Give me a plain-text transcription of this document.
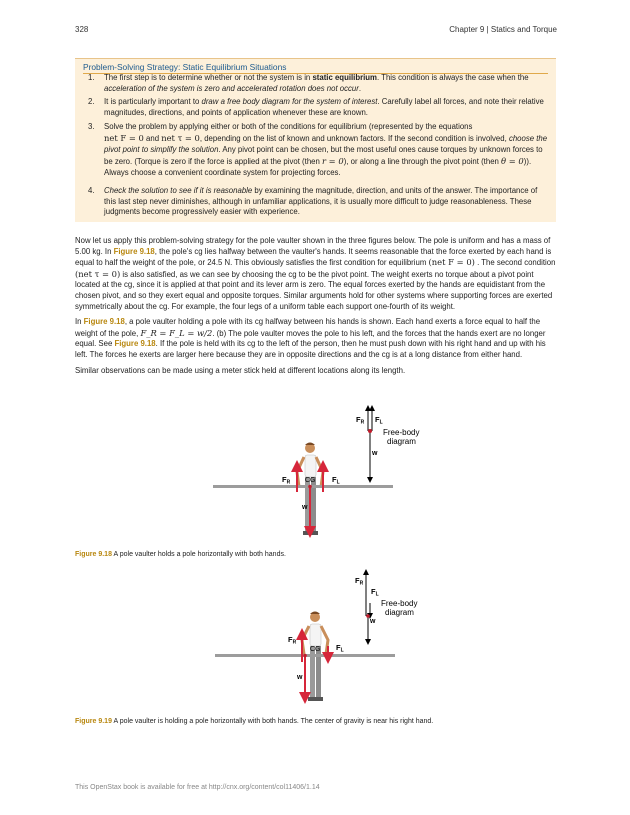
328	Chapter 9 | Statics and Torque
Problem-Solving Strategy: Static Equilibrium Situations
1. The first step is to determine whether or not the system is in static equilibrium. This condition is always the case when the acceleration of the system is zero and accelerated rotation does not occur.
2. It is particularly important to draw a free body diagram for the system of interest. Carefully label all forces, and note their relative magnitudes, directions, and points of application whenever these are known.
3. Solve the problem by applying either or both of the conditions for equilibrium (represented by the equations
net F = 0 and net τ = 0, depending on the list of known and unknown factors. If the second condition is involved, choose the pivot point to simplify the solution. Any pivot point can be chosen, but the most useful ones cause torques by unknown forces to be zero. (Torque is zero if the force is applied at the pivot (then r = 0), or along a line through the pivot point (then θ = 0)). Always choose a convenient coordinate system for projecting forces.
4. Check the solution to see if it is reasonable by examining the magnitude, direction, and units of the answer. The importance of this last step never diminishes, although in unfamiliar applications, it is usually more difficult to judge reasonableness. These judgments become progressively easier with experience.

Now let us apply this problem-solving strategy for the pole vaulter shown in the three figures below. The pole is uniform and has a mass of 5.00 kg. In Figure 9.18, the pole's cg lies halfway between the vaulter's hands. It seems reasonable that the force exerted by each hand is equal to half the weight of the pole, or 24.5 N. This obviously satisfies the first condition for equilibrium (net F = 0) . The second condition (net τ = 0) is also satisfied, as we can see by choosing the cg to be the pivot point. The weight exerts no torque about a pivot point located at the cg, since it is applied at that point and its lever arm is zero. The equal forces exerted by the hands are equidistant from the chosen pivot, and so they exert equal and opposite torques. Similar arguments hold for other systems where supporting forces are exerted symmetrically about the cg. For example, the four legs of a uniform table each support one-fourth of its weight.

In Figure 9.18, a pole vaulter holding a pole with its cg halfway between his hands is shown. Each hand exerts a force equal to half the weight of the pole, F_R = F_L = w/2. (b) The pole vaulter moves the pole to his left, and the forces that the hands exert are no longer equal. See Figure 9.18. If the pole is held with its cg to the left of the person, then he must push down with his right hand and up with his left. The forces he exerts are larger here because they are in opposite directions and the cg is at a long distance from either hand.

Similar observations can be made using a meter stick held at different locations along its length.

$F_R$ $F_L$
w
Free-body diagram
$F_R$	$F_L$
CG
w
Figure 9.18 A pole vaulter holds a pole horizontally with both hands.
$F_R$
$F_L$
w
Free-body diagram
$F_R$
$F_L$
CG
w
Figure 9.19 A pole vaulter is holding a pole horizontally with both hands. The center of gravity is near his right hand.
This OpenStax book is available for free at http://cnx.org/content/col11406/1.14
